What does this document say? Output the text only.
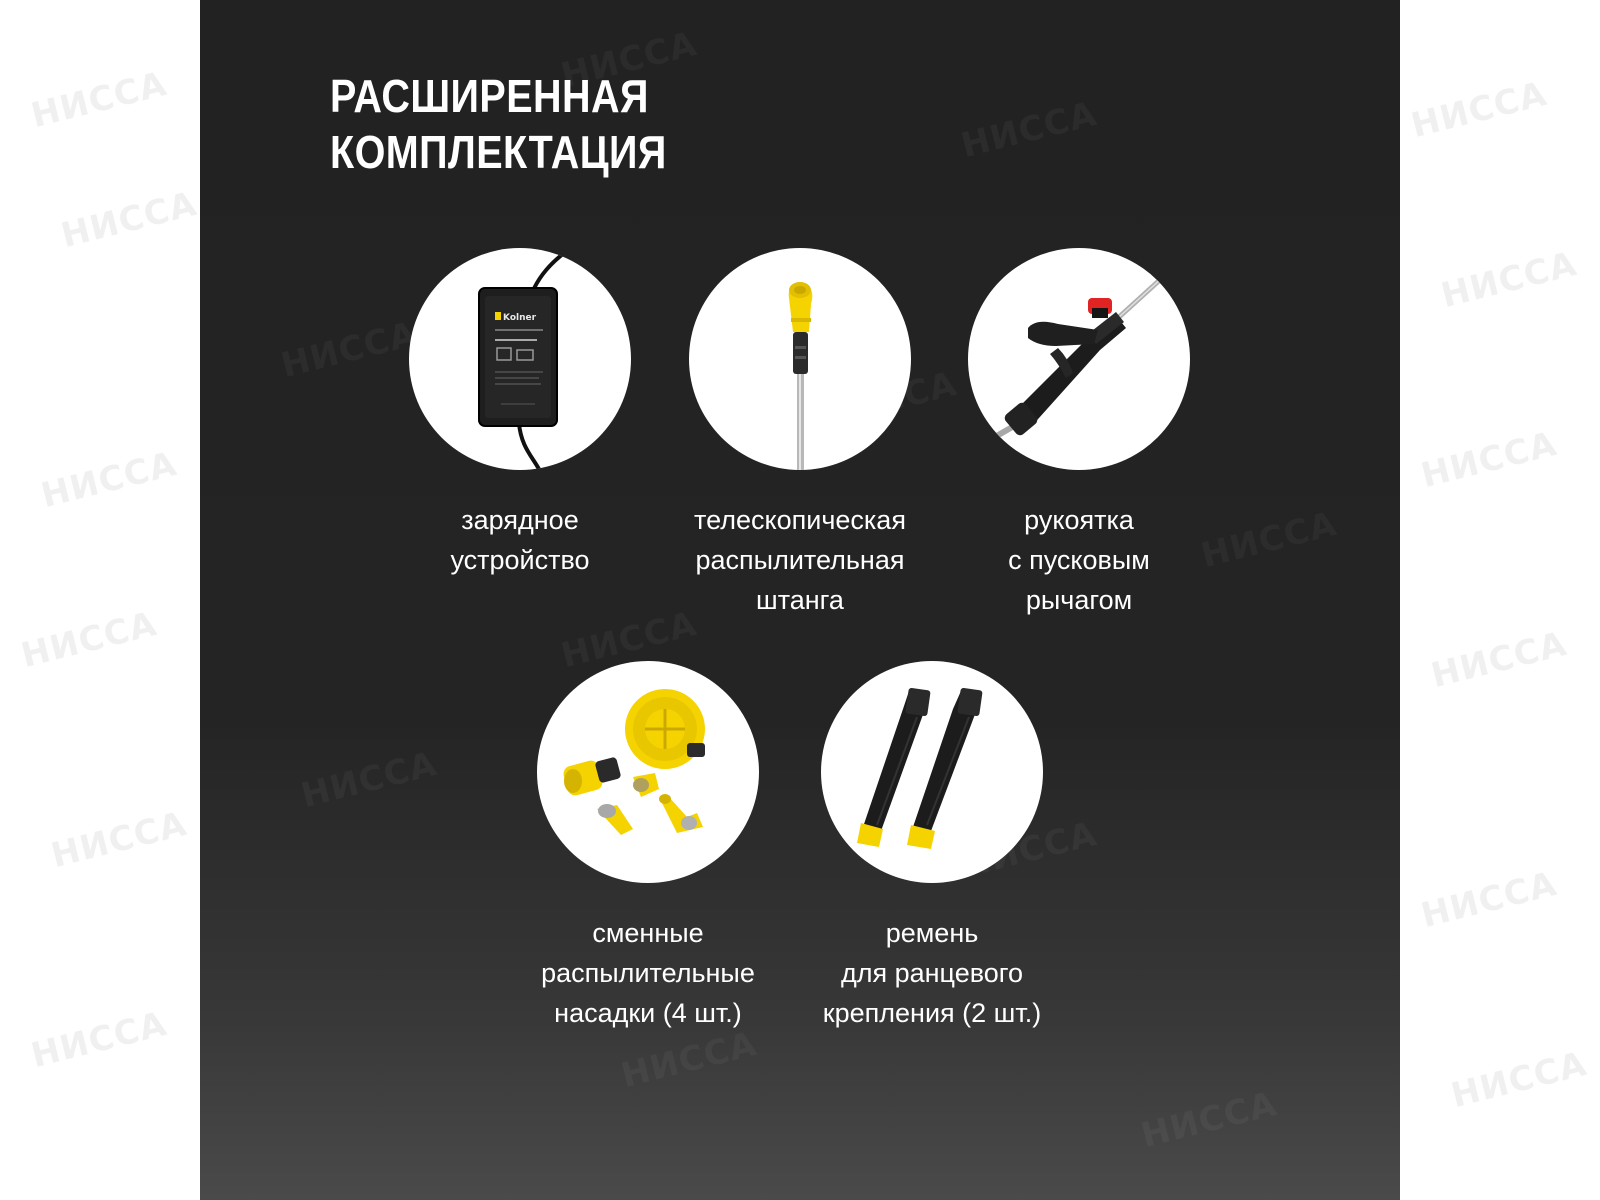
РАСШИРЕННАЯ
КОМПЛЕКТАЦИЯ
Kolner
зарядное
устройство
телескопическая
распылительная
штанга
рукоятка
с пусковым
рычагом
сменные
распылительные
насадки (4 шт.)
ремень
для ранцевого
крепления (2 шт.)
НИССА
НИССА
НИССА
НИССА
НИССА
НИССА
НИССА
НИССА
НИССА
НИССА
НИССА
НИССА
